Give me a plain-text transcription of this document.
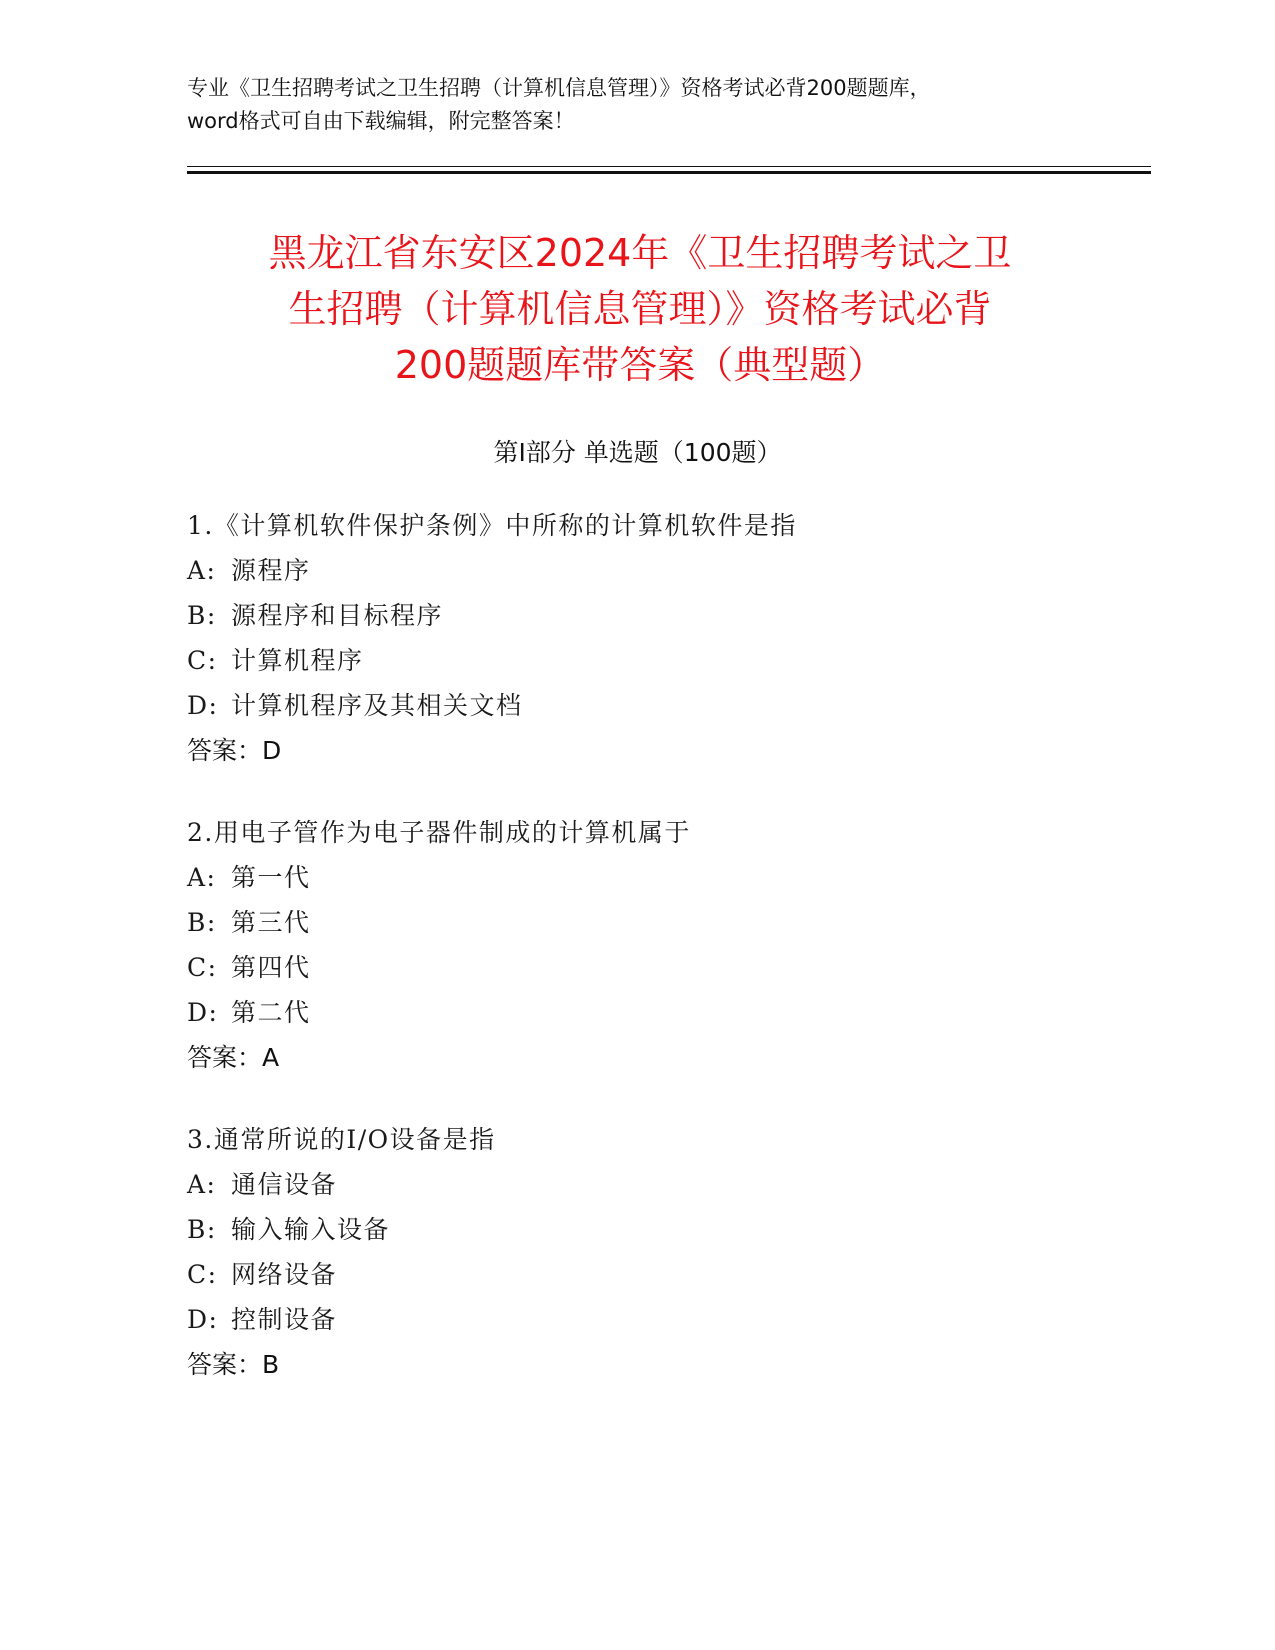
专业《卫生招聘考试之卫生招聘（计算机信息管理）》资格考试必背200题题库，
word格式可自由下载编辑，附完整答案！
黑龙江省东安区2024年《卫生招聘考试之卫
生招聘（计算机信息管理）》资格考试必背
200题题库带答案（典型题）
第Ⅰ部分 单选题（100题）
1.《计算机软件保护条例》中所称的计算机软件是指
A: 源程序
B: 源程序和目标程序
C: 计算机程序
D: 计算机程序及其相关文档
答案：D
2.用电子管作为电子器件制成的计算机属于
A: 第一代
B: 第三代
C: 第四代
D: 第二代
答案：A
3.通常所说的I/O设备是指
A: 通信设备
B: 输入输入设备
C: 网络设备
D: 控制设备
答案：B
